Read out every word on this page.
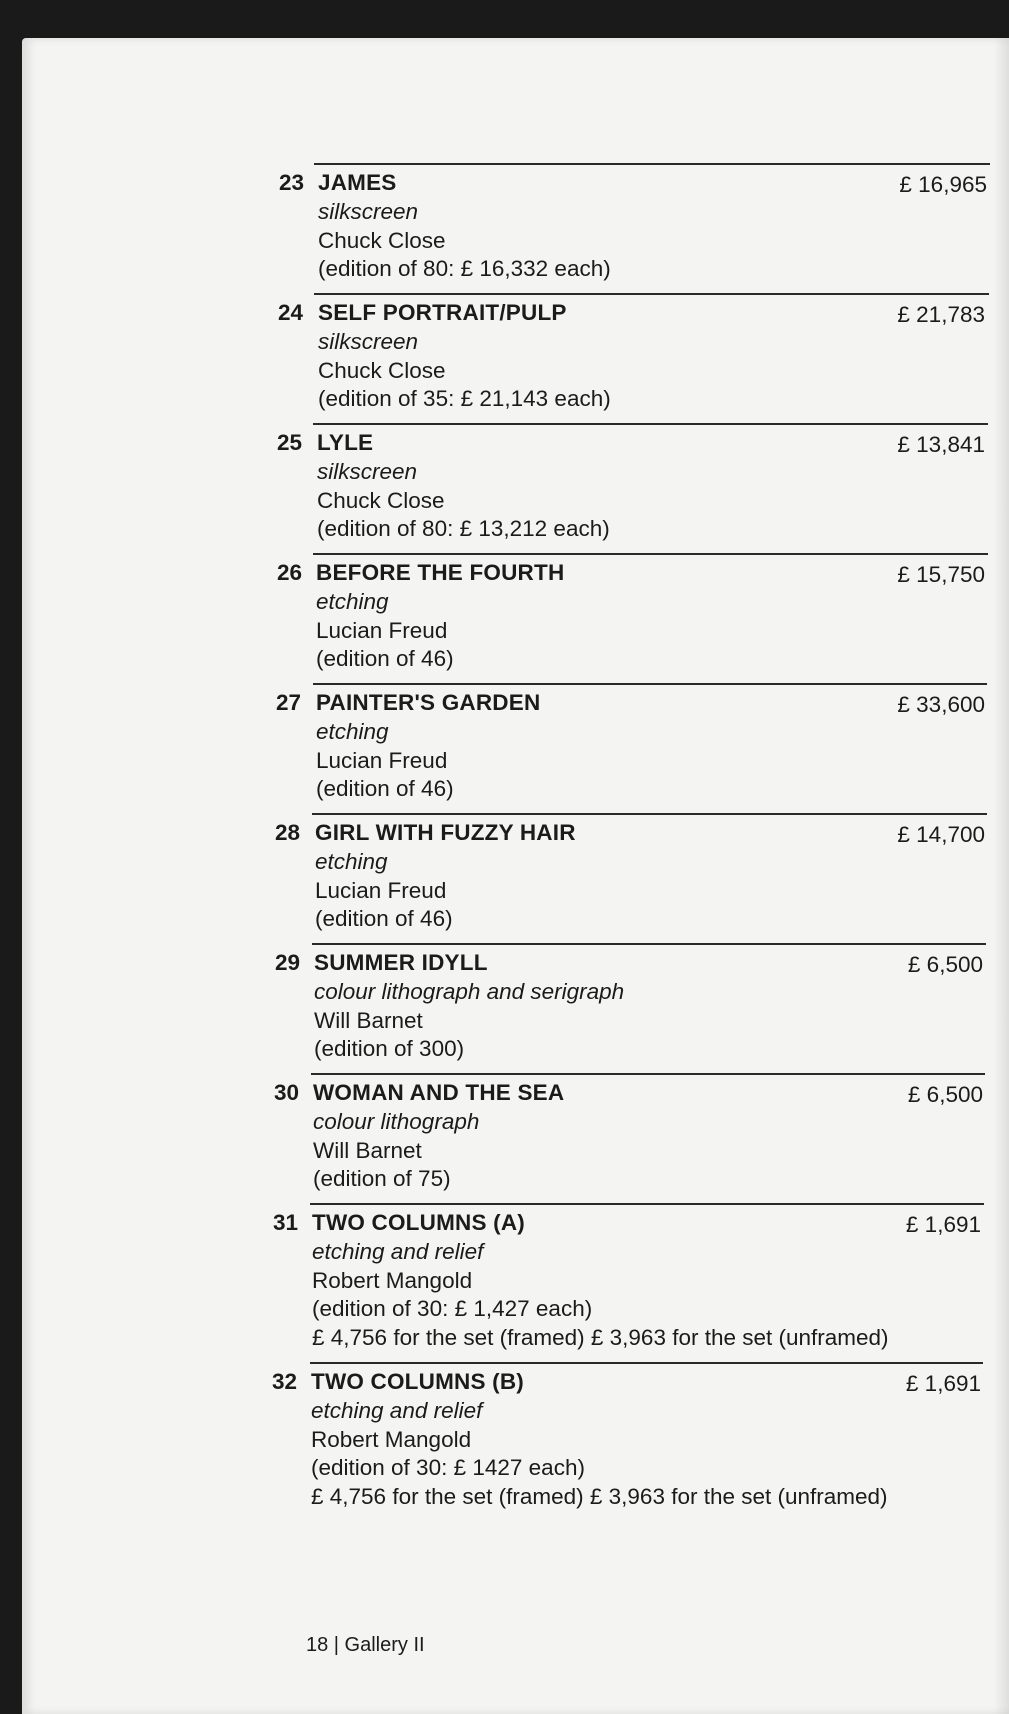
23 JAMES
silkscreen
Chuck Close
(edition of 80: £ 16,332 each)
£ 16,965
24 SELF PORTRAIT/PULP
silkscreen
Chuck Close
(edition of 35: £ 21,143 each)
£ 21,783
25 LYLE
silkscreen
Chuck Close
(edition of 80: £ 13,212 each)
£ 13,841
26 BEFORE THE FOURTH
etching
Lucian Freud
(edition of 46)
£ 15,750
27 PAINTER'S GARDEN
etching
Lucian Freud
(edition of 46)
£ 33,600
28 GIRL WITH FUZZY HAIR
etching
Lucian Freud
(edition of 46)
£ 14,700
29 SUMMER IDYLL
colour lithograph and serigraph
Will Barnet
(edition of 300)
£ 6,500
30 WOMAN AND THE SEA
colour lithograph
Will Barnet
(edition of 75)
£ 6,500
31 TWO COLUMNS (A)
etching and relief
Robert Mangold
(edition of 30: £ 1,427 each)
£ 4,756 for the set (framed) £ 3,963 for the set (unframed)
£ 1,691
32 TWO COLUMNS (B)
etching and relief
Robert Mangold
(edition of 30: £ 1427 each)
£ 4,756 for the set (framed) £ 3,963 for the set (unframed)
£ 1,691
18 | Gallery II
